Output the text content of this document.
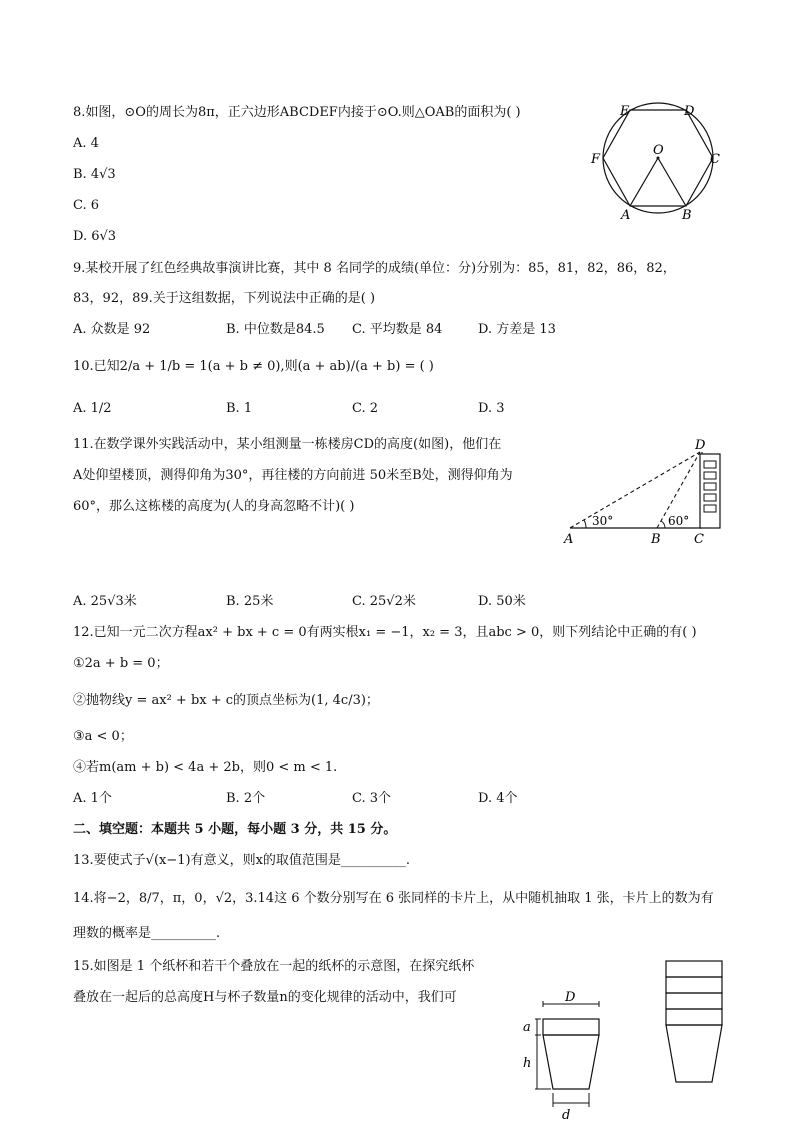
8.如图，⊙O的周长为8π，正六边形ABCDEF内接于⊙O.则△OAB的面积为( )
A. 4
B. 4√3
C. 6
D. 6√3
A	B
C
D
E
F
O
9.某校开展了红色经典故事演讲比赛，其中 8 名同学的成绩(单位：分)分别为：85，81，82，86，82，
83，92，89.关于这组数据，下列说法中正确的是( )
A. 众数是 92	B. 中位数是84.5 C. 平均数是 84	D. 方差是 13
10.已知2/a + 1/b = 1(a + b ≠ 0),则(a + ab)/(a + b) = ( )
A. 1/2	B. 1	C. 2	D. 3
11.在数学课外实践活动中，某小组测量一栋楼房CD的高度(如图)，他们在
A处仰望楼顶，测得仰角为30°，再往楼的方向前进 50米至B处，测得仰角为
60°，那么这栋楼的高度为(人的身高忽略不计)( )
30°	60°
A	B	C
D
A. 25√3米	B. 25米	C. 25√2米	D. 50米
12.已知一元二次方程ax² + bx + c = 0有两实根x₁ = −1，x₂ = 3，且abc > 0，则下列结论中正确的有( )
①2a + b = 0；
②抛物线y = ax² + bx + c的顶点坐标为(1, 4c/3)；
③a < 0；
④若m(am + b) < 4a + 2b，则0 < m < 1.
A. 1个	B. 2个	C. 3个	D. 4个
二、填空题：本题共 5 小题，每小题 3 分，共 15 分。
13.要使式子√(x−1)有意义，则x的取值范围是__________.
14.将−2，8/7，π，0，√2，3.14这 6 个数分别写在 6 张同样的卡片上，从中随机抽取 1 张，卡片上的数为有
理数的概率是__________.
15.如图是 1 个纸杯和若干个叠放在一起的纸杯的示意图，在探究纸杯
叠放在一起后的总高度H与杯子数量n的变化规律的活动中，我们可	D
a
h
d
